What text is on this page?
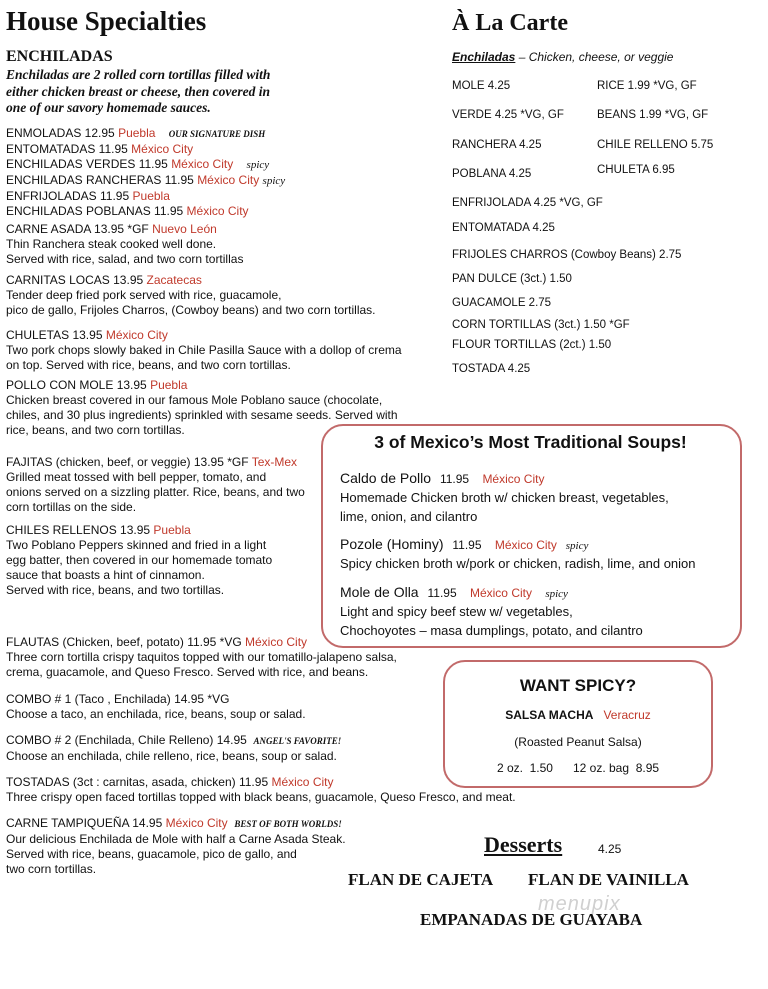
House Specialties
ENCHILADAS
Enchiladas are 2 rolled corn tortillas filled with
either chicken breast or cheese, then covered in
one of our savory homemade sauces.
ENMOLADAS 12.95 Puebla OUR SIGNATURE DISH
ENTOMATADAS 11.95 México City
ENCHILADAS VERDES 11.95 México City spicy
ENCHILADAS RANCHERAS 11.95 México City spicy
ENFRIJOLADAS 11.95 Puebla
ENCHILADAS POBLANAS 11.95 México City
CARNE ASADA 13.95 *GF Nuevo León
Thin Ranchera steak cooked well done.
Served with rice, salad, and two corn tortillas
CARNITAS LOCAS 13.95 Zacatecas
Tender deep fried pork served with rice, guacamole,
pico de gallo, Frijoles Charros, (Cowboy beans) and two corn tortillas.
CHULETAS 13.95 México City
Two pork chops slowly baked in Chile Pasilla Sauce with a dollop of crema
on top. Served with rice, beans, and two corn tortillas.
POLLO CON MOLE 13.95 Puebla
Chicken breast covered in our famous Mole Poblano sauce (chocolate,
chiles, and 30 plus ingredients) sprinkled with sesame seeds. Served with
rice, beans, and two corn tortillas.
FAJITAS (chicken, beef, or veggie) 13.95 *GF Tex-Mex
Grilled meat tossed with bell pepper, tomato, and
onions served on a sizzling platter. Rice, beans, and two
corn tortillas on the side.
CHILES RELLENOS 13.95 Puebla
Two Poblano Peppers skinned and fried in a light
egg batter, then covered in our homemade tomato
sauce that boasts a hint of cinnamon.
Served with rice, beans, and two tortillas.
FLAUTAS (Chicken, beef, potato) 11.95 *VG México City
Three corn tortilla crispy taquitos topped with our tomatillo-jalapeno salsa,
crema, guacamole, and Queso Fresco. Served with rice, and beans.
COMBO # 1 (Taco , Enchilada) 14.95 *VG
Choose a taco, an enchilada, rice, beans, soup or salad.
COMBO # 2 (Enchilada, Chile Relleno) 14.95 ANGEL'S FAVORITE!
Choose an enchilada, chile relleno, rice, beans, soup or salad.
TOSTADAS (3ct : carnitas, asada, chicken) 11.95 México City
Three crispy open faced tortillas topped with black beans, guacamole, Queso Fresco, and meat.
CARNE TAMPIQUEÑA 14.95 México City BEST OF BOTH WORLDS!
Our delicious Enchilada de Mole with half a Carne Asada Steak.
Served with rice, beans, guacamole, pico de gallo, and
two corn tortillas.
À La Carte
Enchiladas – Chicken, cheese, or veggie
MOLE 4.25
VERDE 4.25 *VG, GF
RANCHERA 4.25
POBLANA 4.25
ENFRIJOLADA 4.25 *VG, GF
ENTOMATADA 4.25
FRIJOLES CHARROS (Cowboy Beans) 2.75
PAN DULCE (3ct.) 1.50
GUACAMOLE 2.75
CORN TORTILLAS (3ct.) 1.50 *GF
FLOUR TORTILLAS (2ct.) 1.50
TOSTADA 4.25
RICE 1.99 *VG, GF
BEANS 1.99 *VG, GF
CHILE RELLENO 5.75
CHULETA 6.95
3 of Mexico’s Most Traditional Soups!
Caldo de Pollo 11.95 México City
Homemade Chicken broth w/ chicken breast, vegetables,
lime, onion, and cilantro
Pozole (Hominy) 11.95 México City spicy
Spicy chicken broth w/pork or chicken, radish, lime, and onion
Mole de Olla 11.95 México City spicy
Light and spicy beef stew w/ vegetables,
Chochoyotes – masa dumplings, potato, and cilantro
WANT SPICY?
SALSA MACHA Veracruz
(Roasted Peanut Salsa)
2 oz.  1.50      12 oz. bag  8.95
Desserts	4.25
FLAN DE CAJETA FLAN DE VAINILLA
EMPANADAS DE GUAYABA
menupix
